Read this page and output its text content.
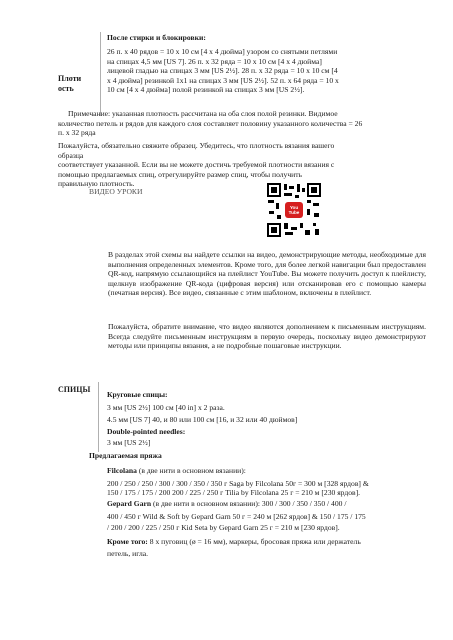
Плоти
ость
После стирки и блокировки:
26 п. х 40 рядов = 10 х 10 см [4 х 4 дюйма] узором со снятыми петлями
на спицах 4,5 мм [US 7]. 26 п. х 32 ряда = 10 х 10 см [4 х 4 дюйма]
лицевой гладью на спицах 3 мм [US 2½]. 28 п. х 32 ряда = 10 х 10 см [4
х 4 дюйма] резинкой 1х1 на спицах 3 мм [US 2½]. 52 п. х 64 ряда = 10 х
10 см [4 х 4 дюйма] полой резинкой на спицах 3 мм [US 2½].
Примечание: указанная плотность рассчитана на оба слоя полой резинки. Видимое
количество петель и рядов для каждого слоя составляет половину указанного количества = 26
п. х 32 ряда
Пожалуйста, обязательно свяжите образец. Убедитесь, что плотность вязания вашего
образца
соответствует указанной. Если вы не можете достичь требуемой плотности вязания с
помощью предлагаемых спиц, отрегулируйте размер спиц, чтобы получить
правильную плотность.
ВИДЕО УРОКИ
You
Tube
В разделах этой схемы вы найдете ссылки на видео, демонстрирующие методы, необходимые для выполнения определенных элементов. Кроме того, для более легкой навигации был предоставлен QR-код, напрямую ссылающийся на плейлист YouTube. Вы можете получить доступ к плейлисту, щелкнув изображение QR-кода (цифровая версия) или отсканировав его с помощью камеры (печатная версия). Все видео, связанные с этим шаблоном, включены в плейлист.
Пожалуйста, обратите внимание, что видео являются дополнением к письменным инструкциям. Всегда следуйте письменным инструкциям в первую очередь, поскольку видео демонстрируют методы или принципы вязания, а не подробные пошаговые инструкции.
СПИЦЫ
Круговые спицы:
3 мм [US 2½] 100 см [40 in] х 2 раза.
4.5 мм [US 7] 40, и 80 или 100 см [16, и 32 или 40 дюймов]
Double-pointed needles:
3 мм [US 2½]
Предлагаемая пряжа
Filcolana (в две нити в основном вязании):
200 / 250 / 250 / 300 / 300 / 350 / 350 г Saga by Filcolana 50г = 300 м [328 ярдов] &
150 / 175 / 175 / 200 200 / 225 / 250 г Tilia by Filcolana 25 г = 210 м [230 ярдов].
Gepard Garn (в две нити в основном вязании): 300 / 300 / 350 / 350 / 400 /
400 / 450 г Wild & Soft by Gepard Garn 50 г = 240 м [262 ярдов] & 150 / 175 / 175
/ 200 / 200 / 225 / 250 г Kid Seta by Gepard Garn 25 г = 210 м [230 ярдов].
Кроме того: 8 х пуговиц (ø = 16 мм), маркеры, бросовая пряжа или держатель
петель, игла.
